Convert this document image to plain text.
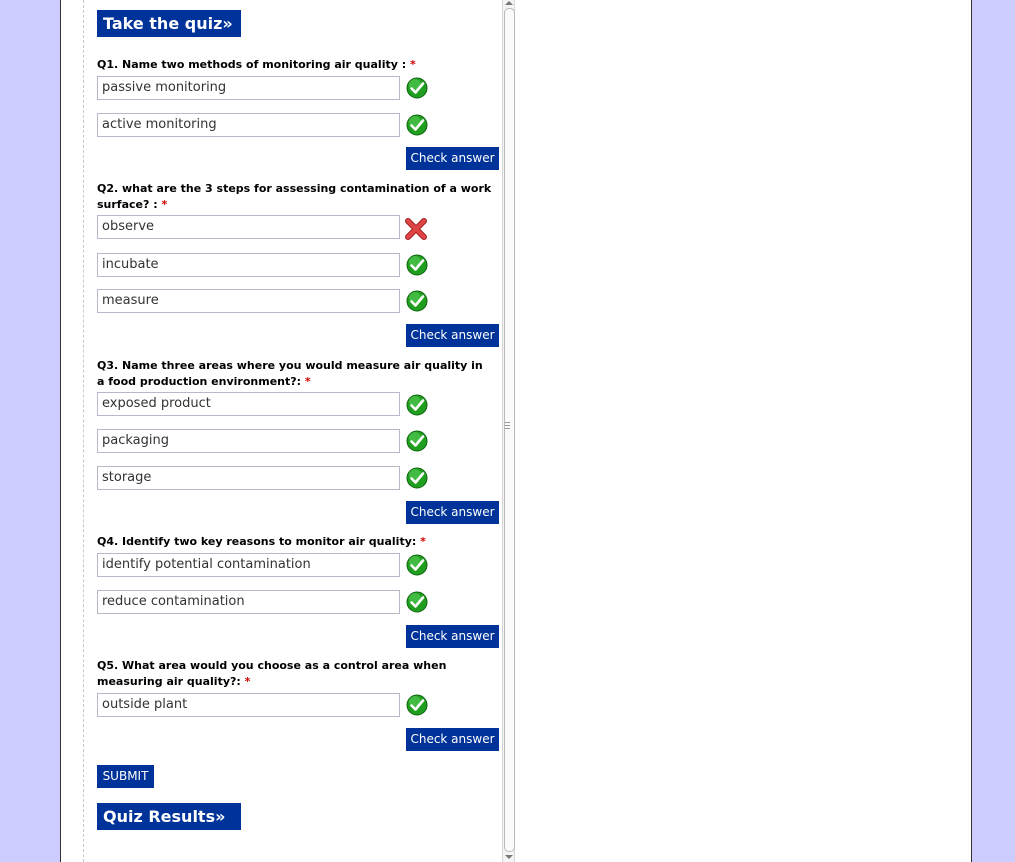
Take the quiz»
Q1. Name two methods of monitoring air quality : *
passive monitoring
active monitoring
Check answer
Q2. what are the 3 steps for assessing contamination of a work surface? : *
observe
incubate
measure
Check answer
Q3. Name three areas where you would measure air quality in a food production environment?: *
exposed product
packaging
storage
Check answer
Q4. Identify two key reasons to monitor air quality: *
identify potential contamination
reduce contamination
Check answer
Q5. What area would you choose as a control area when measuring air quality?: *
outside plant
Check answer
SUBMIT
Quiz Results»
